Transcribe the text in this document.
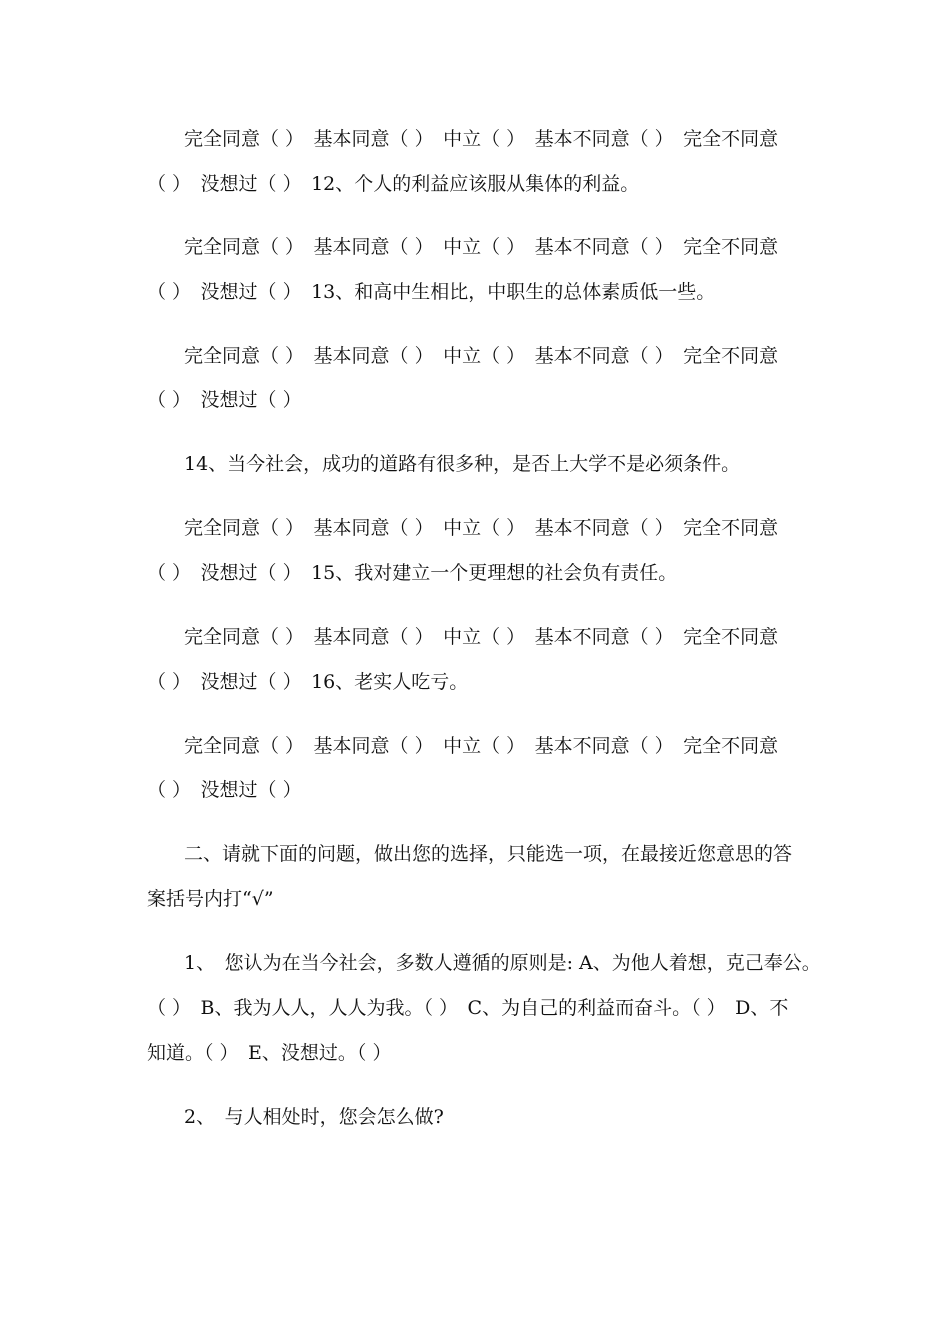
完全同意（ ）　基本同意（ ）　中立（ ）　基本不同意（ ）　完全不同意
（ ）　没想过（ ）　12、个人的利益应该服从集体的利益。
完全同意（ ）　基本同意（ ）　中立（ ）　基本不同意（ ）　完全不同意
（ ）　没想过（ ）　13、和高中生相比，中职生的总体素质低一些。
完全同意（ ）　基本同意（ ）　中立（ ）　基本不同意（ ）　完全不同意
（ ）　没想过（ ）
14、当今社会，成功的道路有很多种，是否上大学不是必须条件。
完全同意（ ）　基本同意（ ）　中立（ ）　基本不同意（ ）　完全不同意
（ ）　没想过（ ）　15、我对建立一个更理想的社会负有责任。
完全同意（ ）　基本同意（ ）　中立（ ）　基本不同意（ ）　完全不同意
（ ）　没想过（ ）　16、老实人吃亏。
完全同意（ ）　基本同意（ ）　中立（ ）　基本不同意（ ）　完全不同意
（ ）　没想过（ ）
二、请就下面的问题，做出您的选择，只能选一项，在最接近您意思的答
案括号内打“√”
1、　您认为在当今社会，多数人遵循的原则是: A、为他人着想，克己奉公。
（ ）　B、我为人人，人人为我。（ ）　C、为自己的利益而奋斗。（ ）　D、不
知道。（ ）　E、没想过。（ ）
2、　与人相处时，您会怎么做?
